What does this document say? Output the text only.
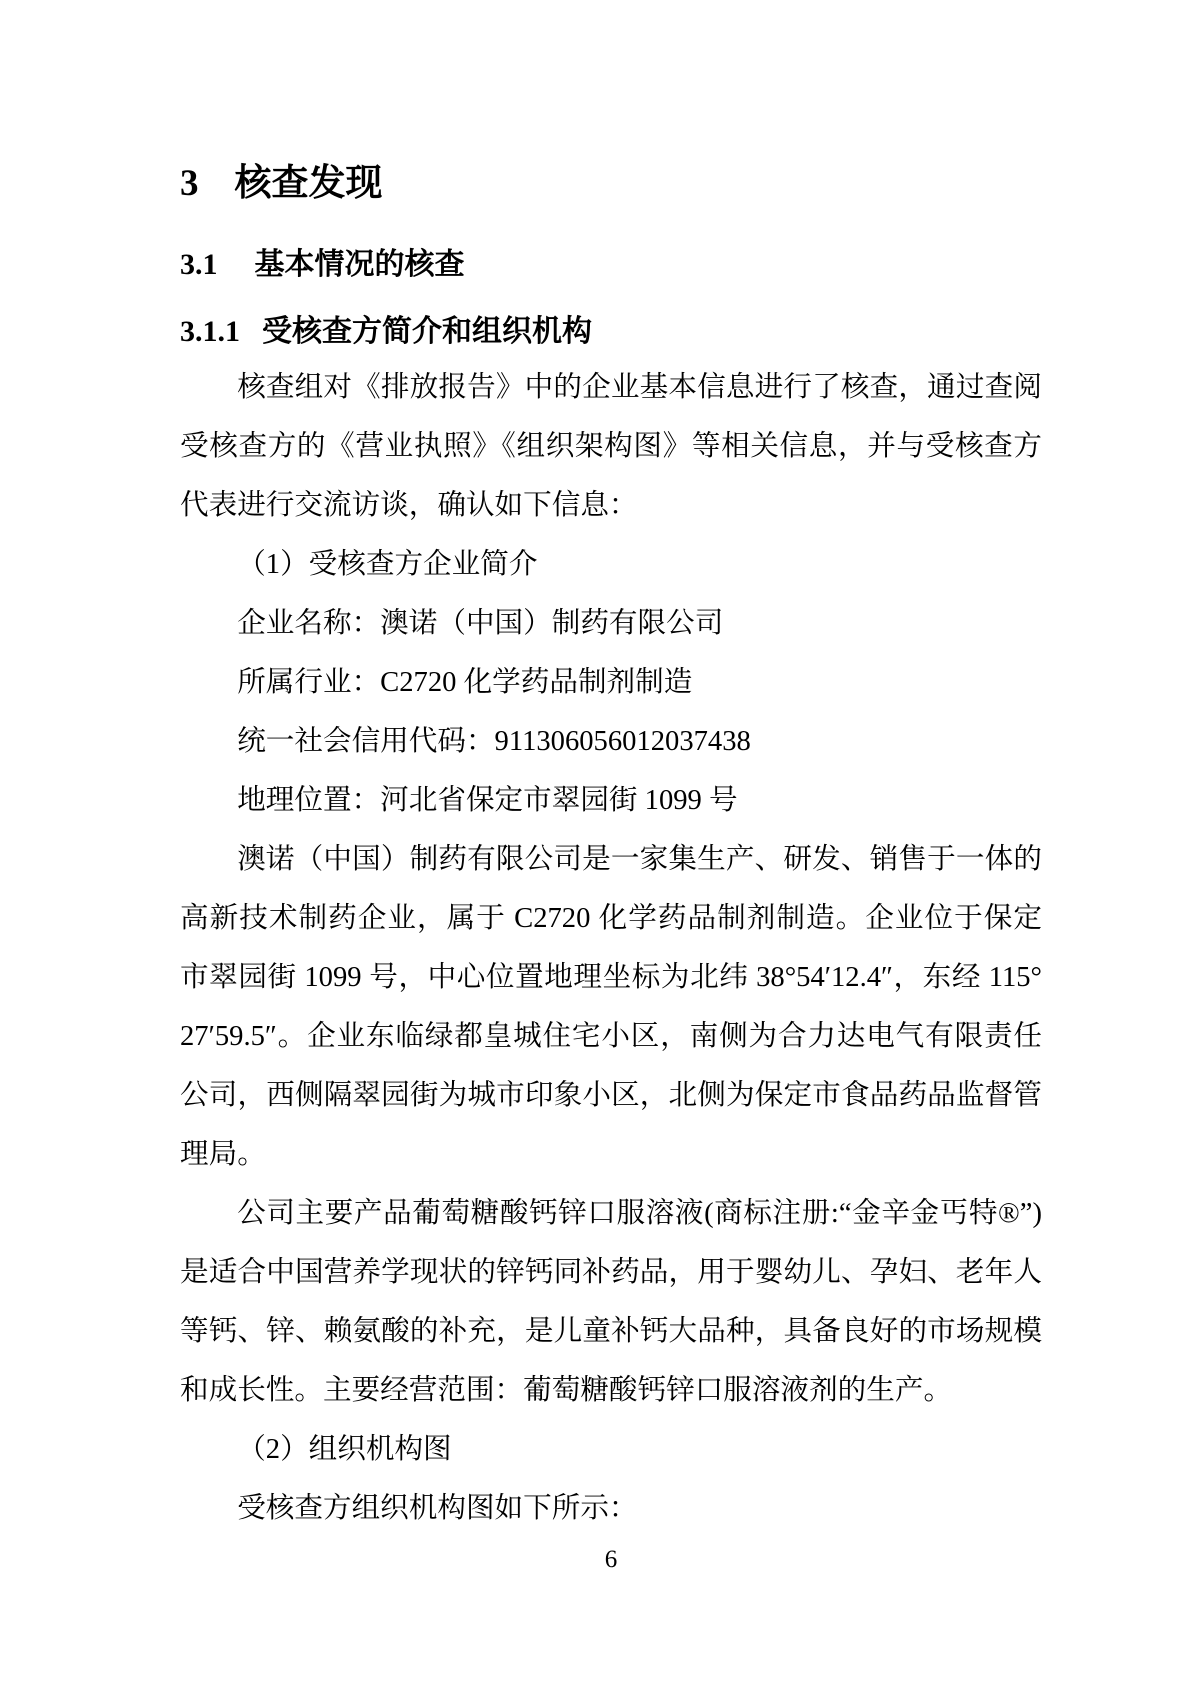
3 核查发现
3.1 基本情况的核查
3.1.1 受核查方简介和组织机构

核查组对《排放报告》中的企业基本信息进行了核查，通过查阅受核查方的《营业执照》《组织架构图》等相关信息，并与受核查方代表进行交流访谈，确认如下信息：

（1）受核查方企业简介

企业名称：澳诺（中国）制药有限公司

所属行业：C2720 化学药品制剂制造

统一社会信用代码：911306056012037438

地理位置：河北省保定市翠园街 1099 号

澳诺（中国）制药有限公司是一家集生产、研发、销售于一体的高新技术制药企业，属于 C2720 化学药品制剂制造。企业位于保定市翠园街 1099 号，中心位置地理坐标为北纬 38°54′12.4″，东经 115°27′59.5″。企业东临绿都皇城住宅小区，南侧为合力达电气有限责任公司，西侧隔翠园街为城市印象小区，北侧为保定市食品药品监督管理局。

公司主要产品葡萄糖酸钙锌口服溶液(商标注册:“金辛金丐特®”)是适合中国营养学现状的锌钙同补药品，用于婴幼儿、孕妇、老年人等钙、锌、赖氨酸的补充，是儿童补钙大品种，具备良好的市场规模和成长性。主要经营范围：葡萄糖酸钙锌口服溶液剂的生产。

（2）组织机构图

受核查方组织机构图如下所示：

6
